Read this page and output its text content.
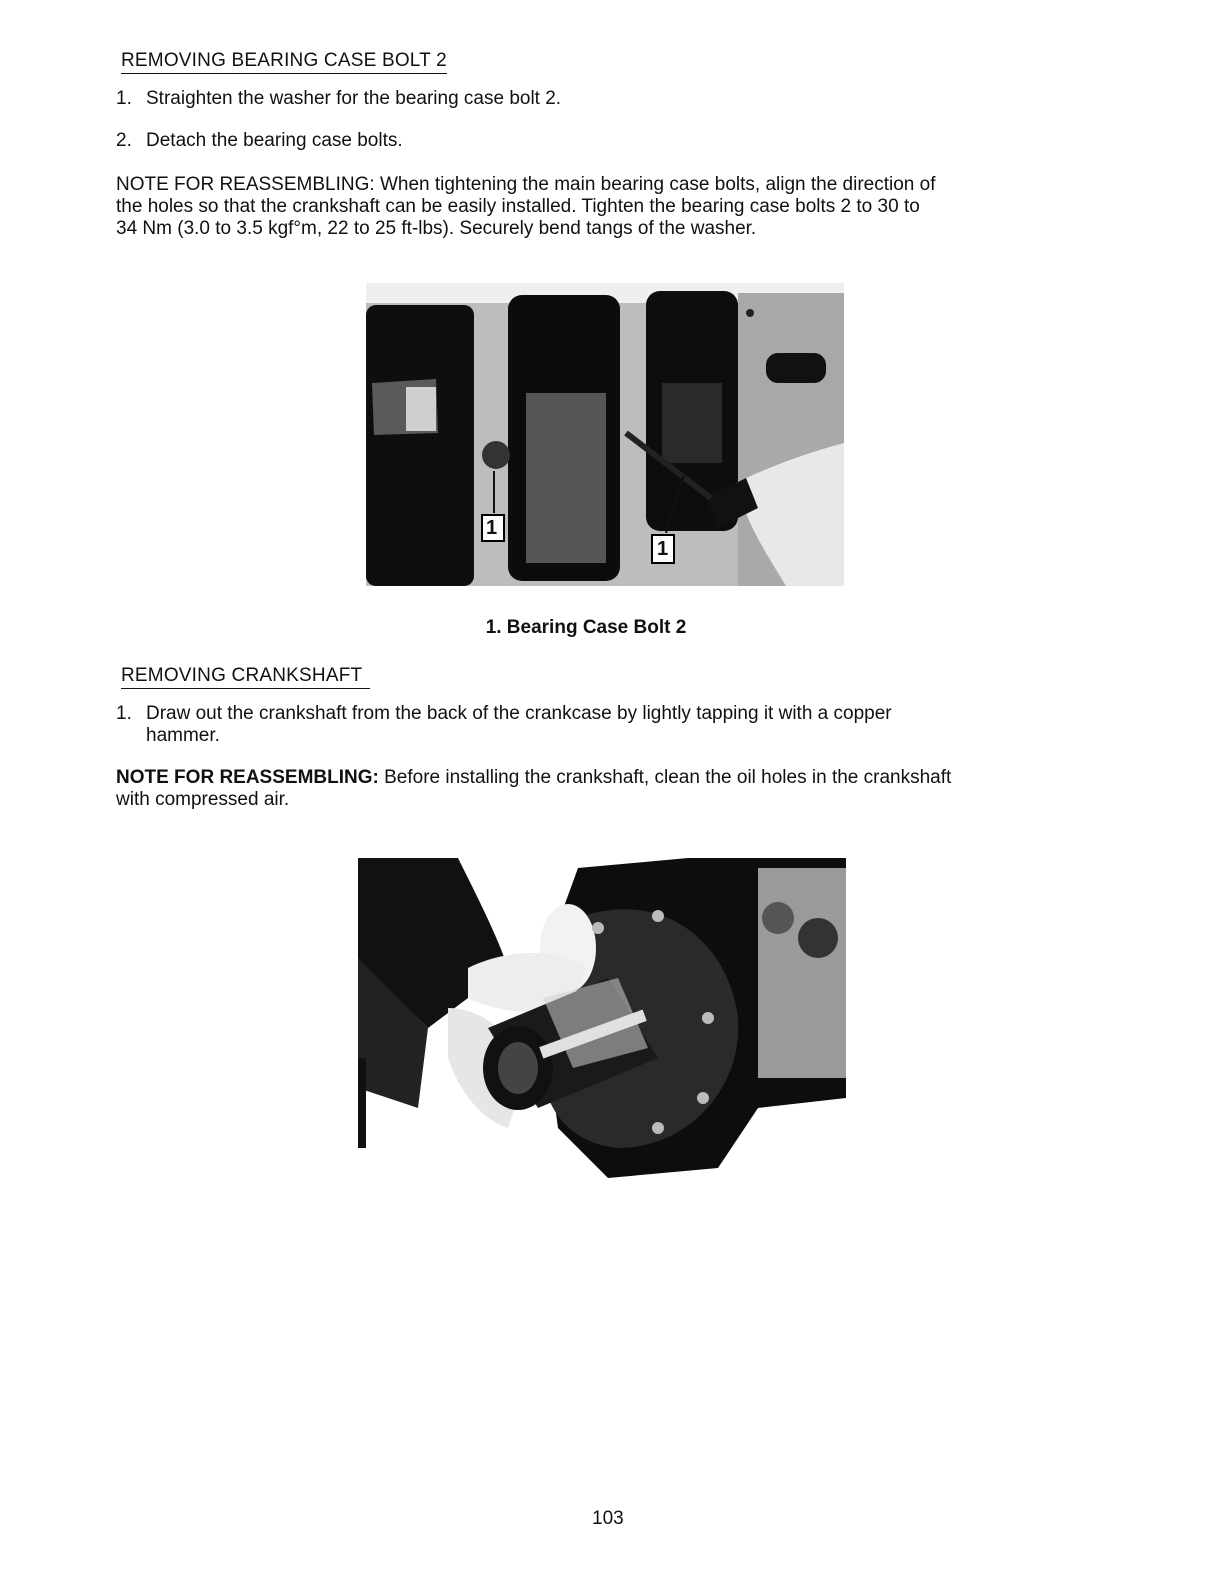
REMOVING BEARING CASE BOLT 2
1. Straighten the washer for the bearing case bolt 2.
2. Detach the bearing case bolts.
NOTE FOR REASSEMBLING: When tightening the main bearing case bolts, align the direction of
the holes so that the crankshaft can be easily installed. Tighten the bearing case bolts 2 to 30 to
34 Nm (3.0 to 3.5 kgf°m, 22 to 25 ft-lbs). Securely bend tangs of the washer.
1
1
1. Bearing Case Bolt 2
REMOVING CRANKSHAFT
1. Draw out the crankshaft from the back of the crankcase by lightly tapping it with a copper
hammer.
NOTE FOR REASSEMBLING: Before installing the crankshaft, clean the oil holes in the crankshaft
with compressed air.
103
